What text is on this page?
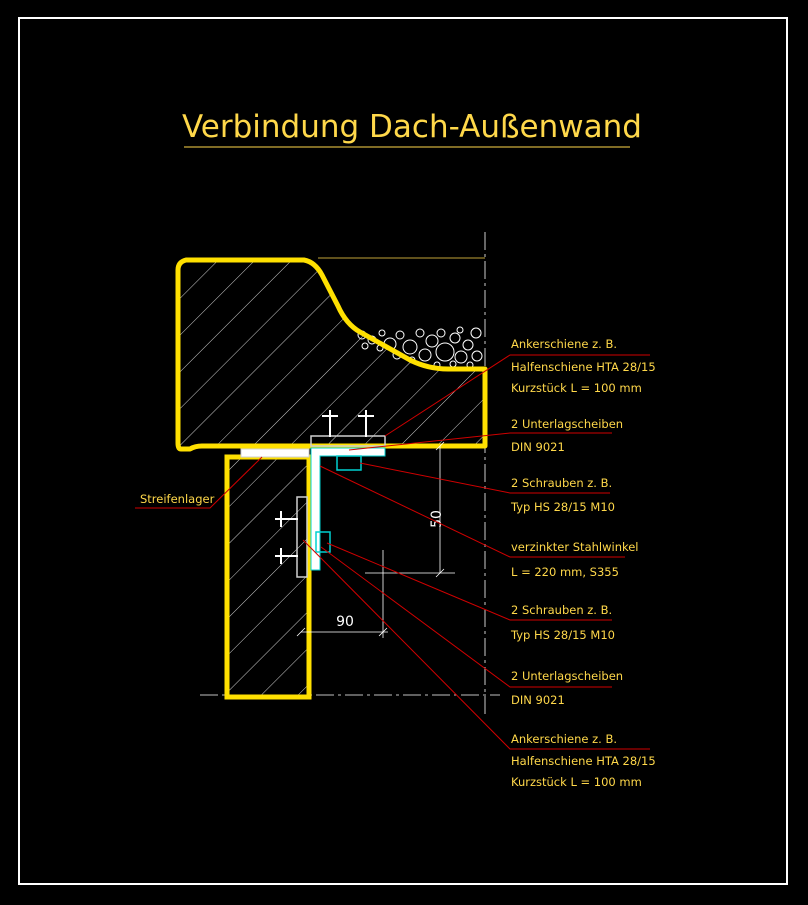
Verbindung Dach-Außenwand
50
90
Streifenlager
Ankerschiene z. B.
Halfenschiene HTA 28/15
Kurzstück L = 100 mm
2 Unterlagscheiben
DIN 9021
2 Schrauben z. B.
Typ HS 28/15 M10
verzinkter Stahlwinkel
L = 220 mm, S355
2 Schrauben z. B.
Typ HS 28/15 M10
2 Unterlagscheiben
DIN 9021
Ankerschiene z. B.
Halfenschiene HTA 28/15
Kurzstück L = 100 mm
